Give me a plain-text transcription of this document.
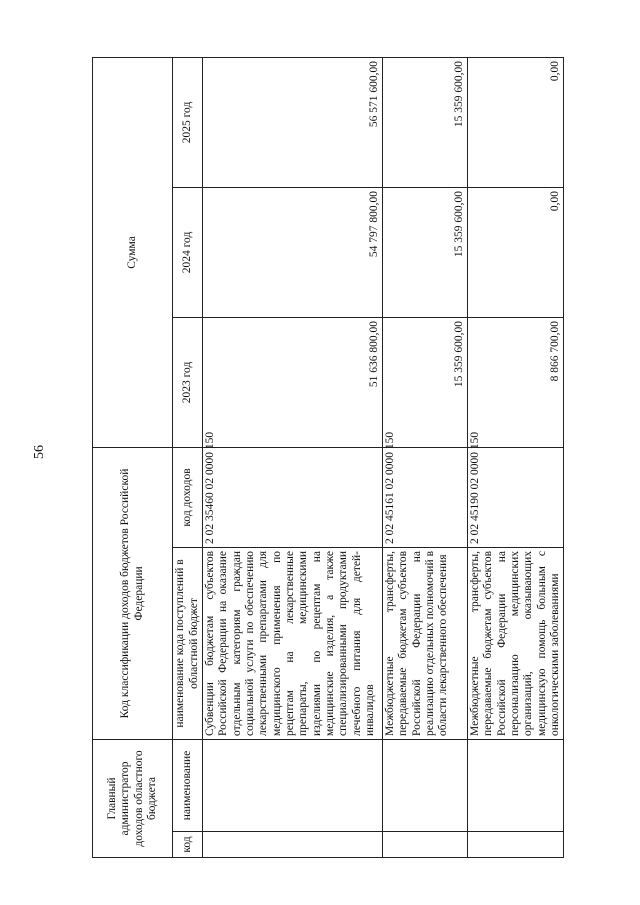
56
Главный администратор доходов областного бюджета		Код классификации доходов бюджетов Российской Федерации		Сумма		
код	наименование	наименование кода поступлений в областной бюджет	код доходов	2023 год	2024 год	2025 год
		Субвенции бюджетам субъектов Российской Федерации на оказание отдельным категориям граждан социальной услуги по обеспечению лекарственными препаратами для медицинского применения по рецептам на лекарственные препараты, медицинскими изделиями по рецептам на медицинские изделия, а также специализированными продуктами лечебного питания для детей-инвалидов	2 02 35460 02 0000 150	51 636 800,00	54 797 800,00	56 571 600,00
		Межбюджетные трансферты, передаваемые бюджетам субъектов Российской Федерации на реализацию отдельных полномочий в области лекарственного обеспечения	2 02 45161 02 0000 150	15 359 600,00	15 359 600,00	15 359 600,00
		Межбюджетные трансферты, передаваемые бюджетам субъектов Российской Федерации на персонализацию медицинских организаций, оказывающих медицинскую помощь больным с онкологическими заболеваниями	2 02 45190 02 0000 150	8 866 700,00	0,00	0,00
